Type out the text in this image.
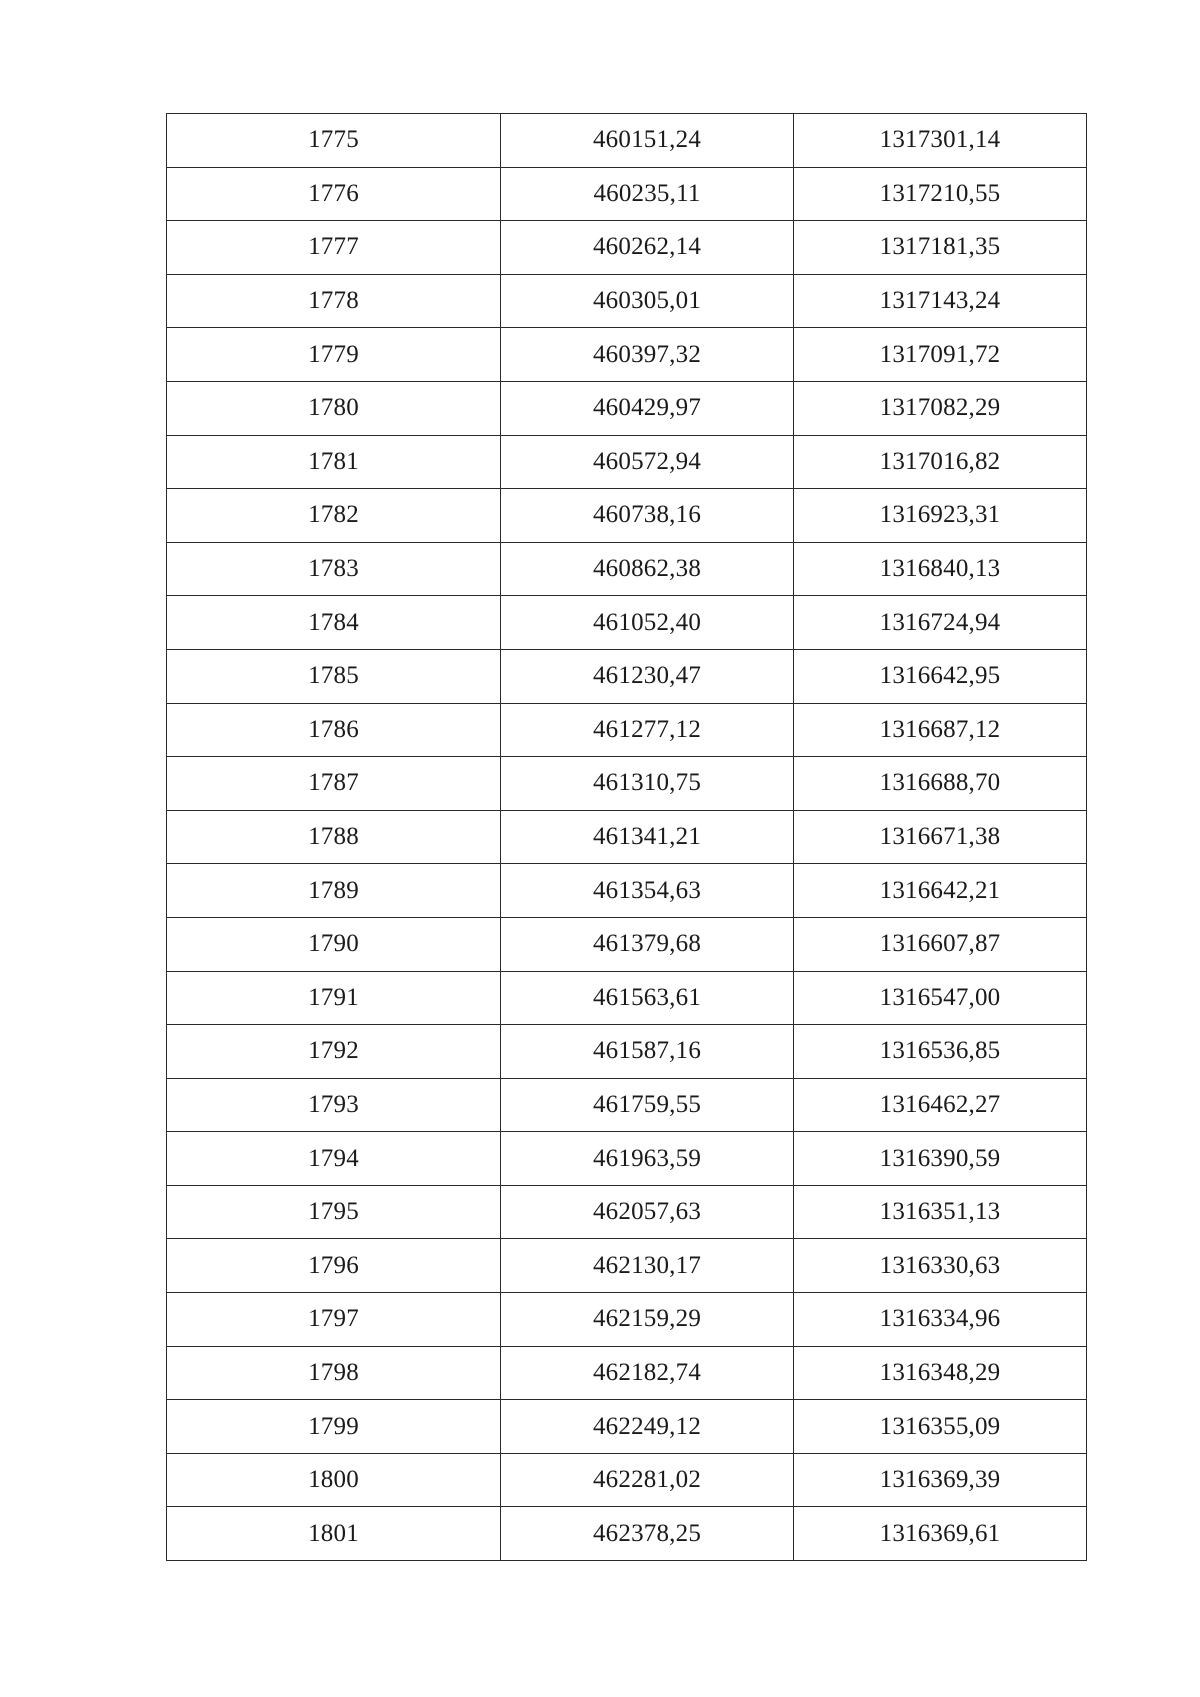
1775	460151,24	1317301,14
1776	460235,11	1317210,55
1777	460262,14	1317181,35
1778	460305,01	1317143,24
1779	460397,32	1317091,72
1780	460429,97	1317082,29
1781	460572,94	1317016,82
1782	460738,16	1316923,31
1783	460862,38	1316840,13
1784	461052,40	1316724,94
1785	461230,47	1316642,95
1786	461277,12	1316687,12
1787	461310,75	1316688,70
1788	461341,21	1316671,38
1789	461354,63	1316642,21
1790	461379,68	1316607,87
1791	461563,61	1316547,00
1792	461587,16	1316536,85
1793	461759,55	1316462,27
1794	461963,59	1316390,59
1795	462057,63	1316351,13
1796	462130,17	1316330,63
1797	462159,29	1316334,96
1798	462182,74	1316348,29
1799	462249,12	1316355,09
1800	462281,02	1316369,39
1801	462378,25	1316369,61
